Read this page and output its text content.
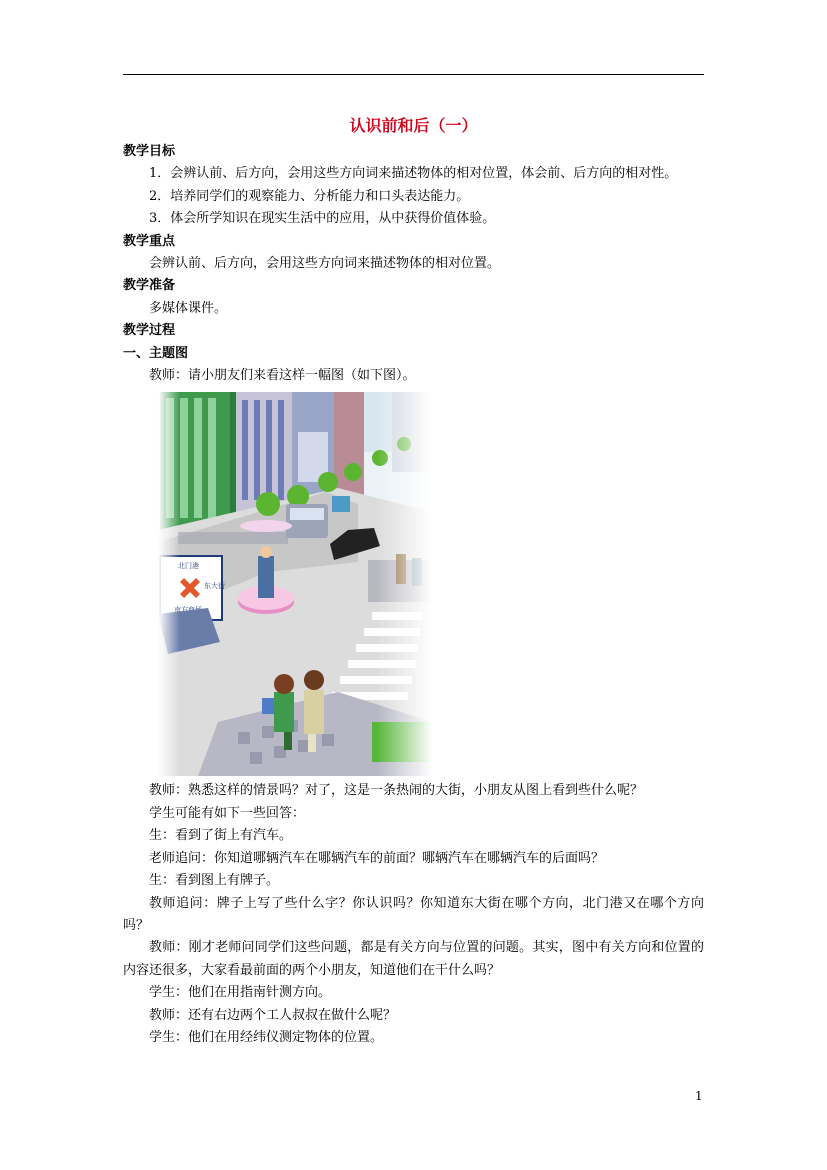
认识前和后（一）
教学目标
1．会辨认前、后方向，会用这些方向词来描述物体的相对位置，体会前、后方向的相对性。
2．培养同学们的观察能力、分析能力和口头表达能力。
3．体会所学知识在现实生活中的应用，从中获得价值体验。
教学重点
会辨认前、后方向，会用这些方向词来描述物体的相对位置。
教学准备
多媒体课件。
教学过程
一、主题图
教师：请小朋友们来看这样一幅图（如下图）。
教师：熟悉这样的情景吗？对了，这是一条热闹的大街，小朋友从图上看到些什么呢？
学生可能有如下一些回答：
生：看到了街上有汽车。
老师追问：你知道哪辆汽车在哪辆汽车的前面？哪辆汽车在哪辆汽车的后面吗？
生：看到图上有牌子。
教师追问：牌子上写了些什么字？你认识吗？你知道东大街在哪个方向，北门港又在哪个方向吗？
教师：刚才老师问同学们这些问题，都是有关方向与位置的问题。其实，图中有关方向和位置的内容还很多，大家看最前面的两个小朋友，知道他们在干什么吗？
学生：他们在用指南针测方向。
教师：还有右边两个工人叔叔在做什么呢？
学生：他们在用经纬仪测定物体的位置。
1
